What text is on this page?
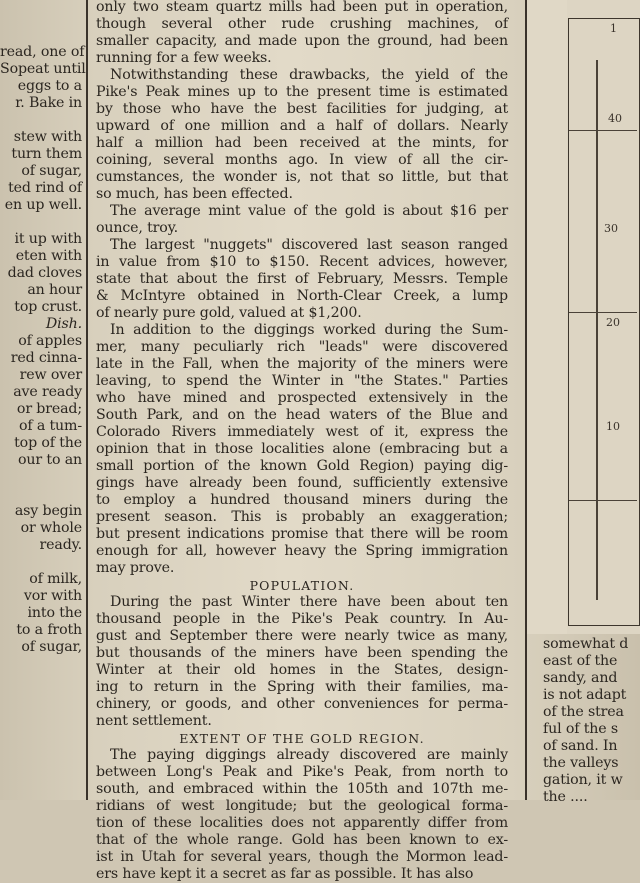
read, one of
Sopeat until
eggs to a
r. Bake in
stew with
turn them
of sugar,
ted rind of
en up well.
it up with
eten with
dad cloves
an hour
top crust.
Dish.
of apples
red cinna-
rew over
ave ready
or bread;
of a tum-
top of the
our to an
asy begin
or whole
ready.
of milk,
vor with
into the
to a froth
of sugar,
only two steam quartz mills had been put in operation,
though several other rude crushing machines, of
smaller capacity, and made upon the ground, had been
running for a few weeks.
Notwithstanding these drawbacks, the yield of the
Pike's Peak mines up to the present time is estimated
by those who have the best facilities for judging, at
upward of one million and a half of dollars. Nearly
half a million had been received at the mints, for
coining, several months ago. In view of all the cir-
cumstances, the wonder is, not that so little, but that
so much, has been effected.
The average mint value of the gold is about $16 per
ounce, troy.
The largest "nuggets" discovered last season ranged
in value from $10 to $150. Recent advices, however,
state that about the first of February, Messrs. Temple
& McIntyre obtained in North-Clear Creek, a lump
of nearly pure gold, valued at $1,200.
In addition to the diggings worked during the Sum-
mer, many peculiarly rich "leads" were discovered
late in the Fall, when the majority of the miners were
leaving, to spend the Winter in "the States." Parties
who have mined and prospected extensively in the
South Park, and on the head waters of the Blue and
Colorado Rivers immediately west of it, express the
opinion that in those localities alone (embracing but a
small portion of the known Gold Region) paying dig-
gings have already been found, sufficiently extensive
to employ a hundred thousand miners during the
present season. This is probably an exaggeration;
but present indications promise that there will be room
enough for all, however heavy the Spring immigration
may prove.
POPULATION.
During the past Winter there have been about ten
thousand people in the Pike's Peak country. In Au-
gust and September there were nearly twice as many,
but thousands of the miners have been spending the
Winter at their old homes in the States, design-
ing to return in the Spring with their families, ma-
chinery, or goods, and other conveniences for perma-
nent settlement.
EXTENT OF THE GOLD REGION.
The paying diggings already discovered are mainly
between Long's Peak and Pike's Peak, from north to
south, and embraced within the 105th and 107th me-
ridians of west longitude; but the geological forma-
tion of these localities does not apparently differ from
that of the whole range. Gold has been known to ex-
ist in Utah for several years, though the Mormon lead-
ers have kept it a secret as far as possible. It has also
1
40
30
20
10
somewhat d
east of the
sandy, and
is not adapt
of the strea
ful of the s
of sand. In
the valleys
gation, it w
the ....
